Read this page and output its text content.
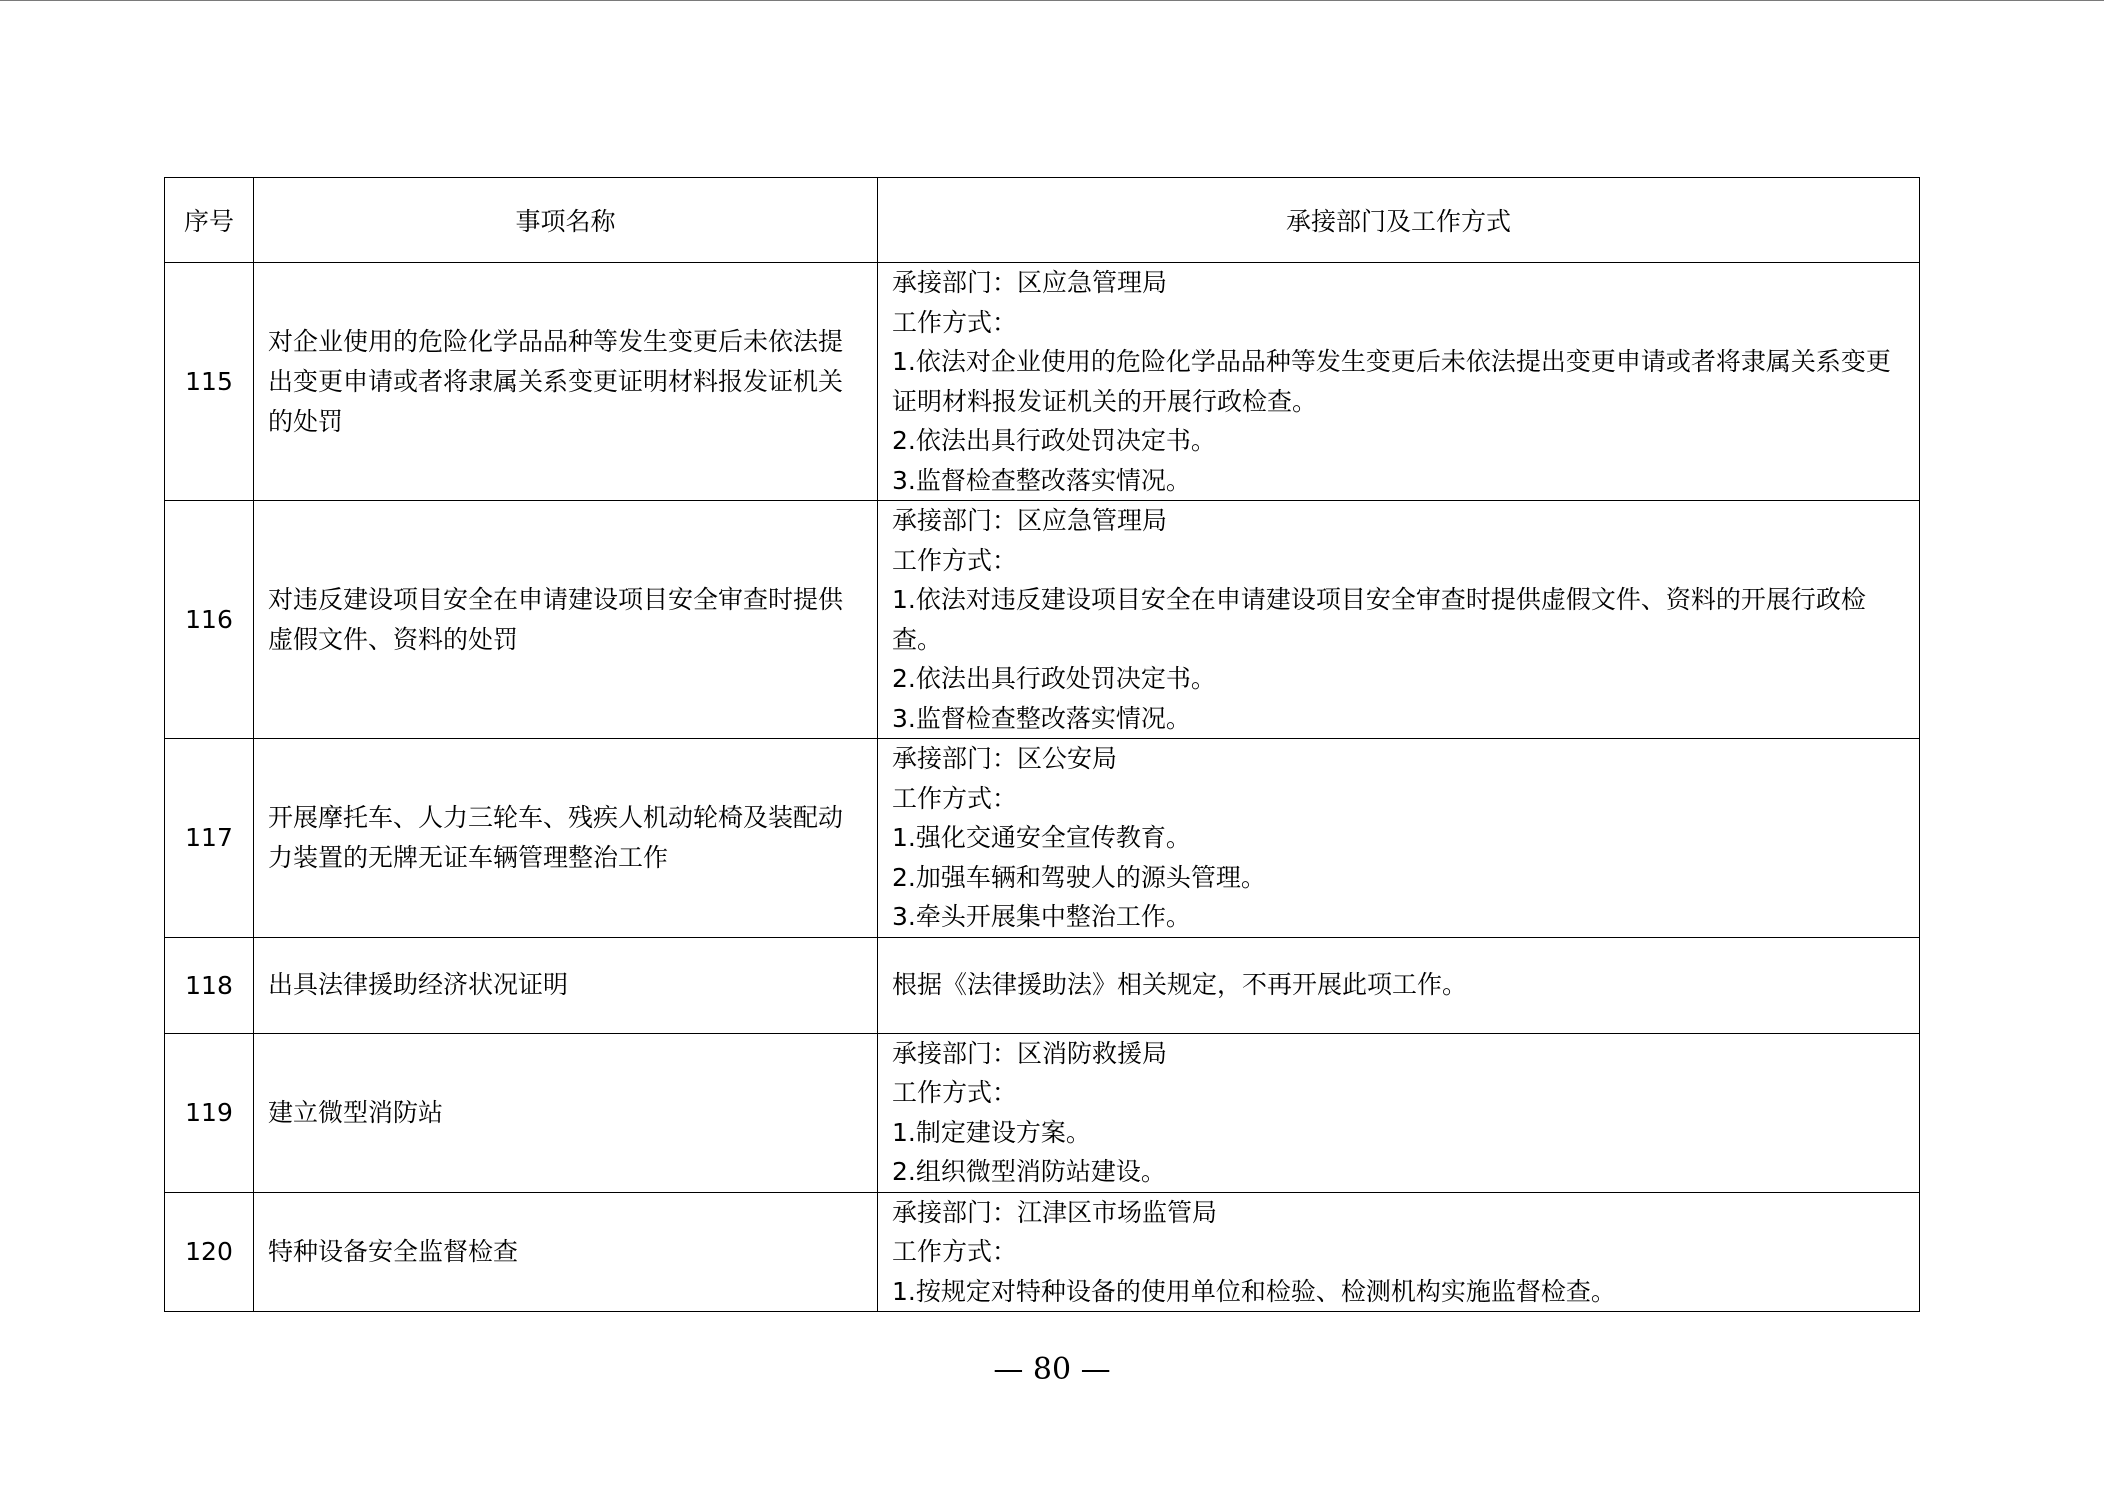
序号	事项名称	承接部门及工作方式
115	对企业使用的危险化学品品种等发生变更后未依法提出变更申请或者将隶属关系变更证明材料报发证机关的处罚	承接部门：区应急管理局
工作方式：
1.依法对企业使用的危险化学品品种等发生变更后未依法提出变更申请或者将隶属关系变更证明材料报发证机关的开展行政检查。
2.依法出具行政处罚决定书。
3.监督检查整改落实情况。

116	对违反建设项目安全在申请建设项目安全审查时提供虚假文件、资料的处罚	承接部门：区应急管理局
工作方式：
1.依法对违反建设项目安全在申请建设项目安全审查时提供虚假文件、资料的开展行政检查。
2.依法出具行政处罚决定书。
3.监督检查整改落实情况。

117	开展摩托车、人力三轮车、残疾人机动轮椅及装配动力装置的无牌无证车辆管理整治工作	承接部门：区公安局
工作方式：
1.强化交通安全宣传教育。
2.加强车辆和驾驶人的源头管理。
3.牵头开展集中整治工作。

118	出具法律援助经济状况证明	根据《法律援助法》相关规定，不再开展此项工作。

119	建立微型消防站	承接部门：区消防救援局
工作方式：
1.制定建设方案。
2.组织微型消防站建设。

120	特种设备安全监督检查	承接部门：江津区市场监管局
工作方式：
1.按规定对特种设备的使用单位和检验、检测机构实施监督检查。
— 80 —
